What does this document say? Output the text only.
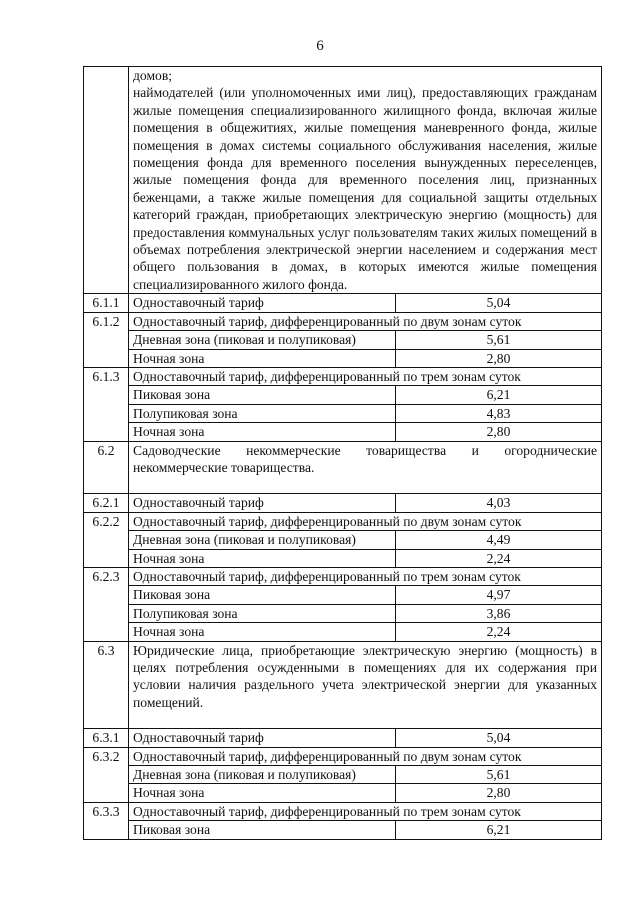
6
	домов;
наймодателей (или уполномоченных ими лиц), предоставляющих гражданам жилые помещения специализированного жилищного фонда, включая жилые помещения в общежитиях, жилые помещения маневренного фонда, жилые помещения в домах системы социального обслуживания населения, жилые помещения фонда для временного поселения вынужденных переселенцев, жилые помещения фонда для временного поселения лиц, признанных беженцами, а также жилые помещения для социальной защиты отдельных категорий граждан, приобретающих электрическую энергию (мощность) для предоставления коммунальных услуг пользователям таких жилых помещений в объемах потребления электрической энергии населением и содержания мест общего пользования в домах, в которых имеются жилые помещения специализированного жилого фонда.	
6.1.1	Одноставочный тариф	5,04
6.1.2	Одноставочный тариф, дифференцированный по двум зонам суток	
	Дневная зона (пиковая и полупиковая)	5,61
	Ночная зона	2,80
6.1.3	Одноставочный тариф, дифференцированный по трем зонам суток	
	Пиковая зона	6,21
	Полупиковая зона	4,83
	Ночная зона	2,80
6.2	Садоводческие некоммерческие товарищества и огороднические некоммерческие товарищества.	
6.2.1	Одноставочный тариф	4,03
6.2.2	Одноставочный тариф, дифференцированный по двум зонам суток	
	Дневная зона (пиковая и полупиковая)	4,49
	Ночная зона	2,24
6.2.3	Одноставочный тариф, дифференцированный по трем зонам суток	
	Пиковая зона	4,97
	Полупиковая зона	3,86
	Ночная зона	2,24
6.3	Юридические лица, приобретающие электрическую энергию (мощность) в целях потребления осужденными в помещениях для их содержания при условии наличия раздельного учета электрической энергии для указанных помещений.	
6.3.1	Одноставочный тариф	5,04
6.3.2	Одноставочный тариф, дифференцированный по двум зонам суток	
	Дневная зона (пиковая и полупиковая)	5,61
	Ночная зона	2,80
6.3.3	Одноставочный тариф, дифференцированный по трем зонам суток	
	Пиковая зона	6,21
